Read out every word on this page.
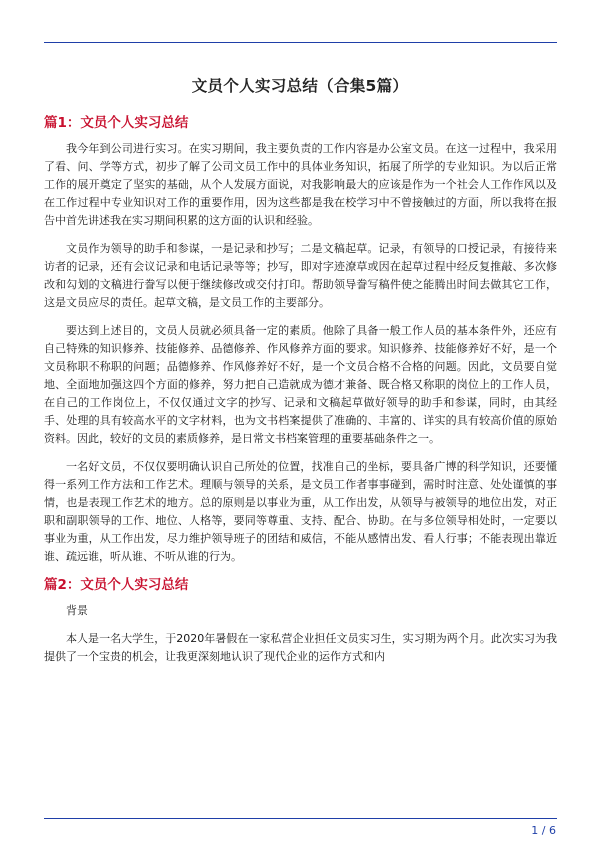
文员个人实习总结（合集5篇）
篇1：文员个人实习总结
我今年到公司进行实习。在实习期间，我主要负责的工作内容是办公室文员。在这一过程中，我采用了看、问、学等方式，初步了解了公司文员工作中的具体业务知识，拓展了所学的专业知识。为以后正常工作的展开奠定了坚实的基础，从个人发展方面说，对我影响最大的应该是作为一个社会人工作作风以及在工作过程中专业知识对工作的重要作用，因为这些都是我在校学习中不曾接触过的方面，所以我将在报告中首先讲述我在实习期间积累的这方面的认识和经验。
文员作为领导的助手和参谋，一是记录和抄写；二是文稿起草。记录，有领导的口授记录，有接待来访者的记录，还有会议记录和电话记录等等；抄写，即对字迹潦草或因在起草过程中经反复推敲、多次修改和勾划的文稿进行誊写以便于继续修改或交付打印。帮助领导誊写稿件使之能腾出时间去做其它工作，这是文员应尽的责任。起草文稿，是文员工作的主要部分。
要达到上述目的，文员人员就必须具备一定的素质。他除了具备一般工作人员的基本条件外，还应有自己特殊的知识修养、技能修养、品德修养、作风修养方面的要求。知识修养、技能修养好不好，是一个文员称职不称职的问题；品德修养、作风修养好不好，是一个文员合格不合格的问题。因此，文员要自觉地、全面地加强这四个方面的修养，努力把自己造就成为德才兼备、既合格又称职的岗位上的工作人员，在自己的工作岗位上，不仅仅通过文字的抄写、记录和文稿起草做好领导的助手和参谋，同时，由其经手、处理的具有较高水平的文字材料，也为文书档案提供了准确的、丰富的、详实的具有较高价值的原始资料。因此，较好的文员的素质修养，是日常文书档案管理的重要基础条件之一。
一名好文员，不仅仅要明确认识自己所处的位置，找准自己的坐标，要具备广博的科学知识，还要懂得一系列工作方法和工作艺术。理顺与领导的关系，是文员工作者事事碰到，需时时注意、处处谨慎的事情，也是表现工作艺术的地方。总的原则是以事业为重，从工作出发，从领导与被领导的地位出发，对正职和副职领导的工作、地位、人格等，要同等尊重、支持、配合、协助。在与多位领导相处时，一定要以事业为重，从工作出发，尽力维护领导班子的团结和威信，不能从感情出发、看人行事；不能表现出靠近谁、疏远谁，听从谁、不听从谁的行为。
篇2：文员个人实习总结
背景
本人是一名大学生，于2020年暑假在一家私营企业担任文员实习生，实习期为两个月。此次实习为我提供了一个宝贵的机会，让我更深刻地认识了现代企业的运作方式和内
1 / 6
